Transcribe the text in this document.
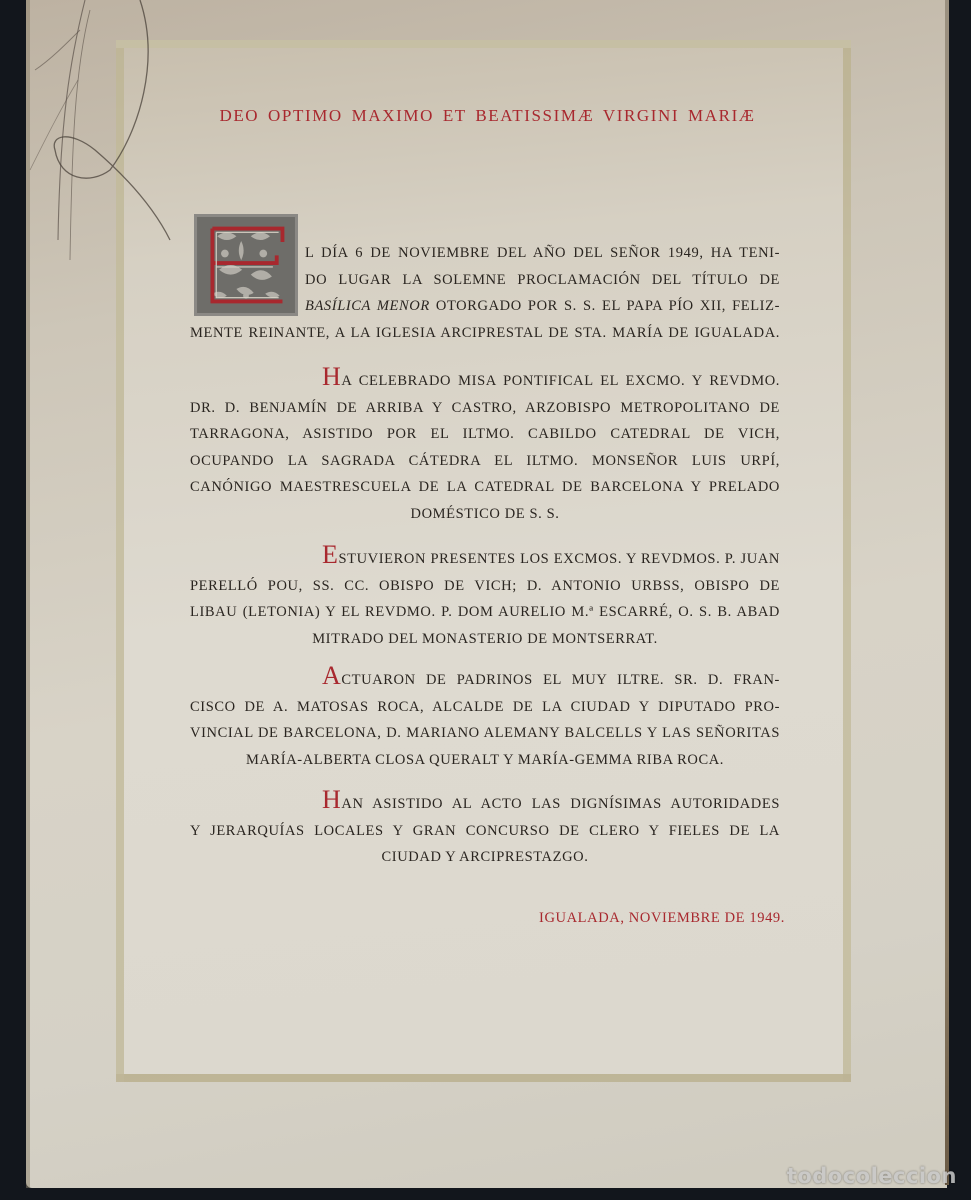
DEO OPTIMO MAXIMO ET BEATISSIMÆ VIRGINI MARIÆ
L DÍA 6 DE NOVIEMBRE DEL AÑO DEL SEÑOR 1949, HA TENI-
DO LUGAR LA SOLEMNE PROCLAMACIÓN DEL TÍTULO DE
BASÍLICA MENOR OTORGADO POR S. S. EL PAPA PÍO XII, FELIZ-
MENTE REINANTE, A LA IGLESIA ARCIPRESTAL DE STA. MARÍA DE IGUALADA.
HA CELEBRADO MISA PONTIFICAL EL EXCMO. Y REVDMO.
DR. D. BENJAMÍN DE ARRIBA Y CASTRO, ARZOBISPO METROPOLITANO DE
TARRAGONA, ASISTIDO POR EL ILTMO. CABILDO CATEDRAL DE VICH,
OCUPANDO LA SAGRADA CÁTEDRA EL ILTMO. MONSEÑOR LUIS URPÍ,
CANÓNIGO MAESTRESCUELA DE LA CATEDRAL DE BARCELONA Y PRELADO
DOMÉSTICO DE S. S.
ESTUVIERON PRESENTES LOS EXCMOS. Y REVDMOS. P. JUAN
PERELLÓ POU, SS. CC. OBISPO DE VICH; D. ANTONIO URBSS, OBISPO DE
LIBAU (LETONIA) Y EL REVDMO. P. DOM AURELIO M.ª ESCARRÉ, O. S. B. ABAD
MITRADO DEL MONASTERIO DE MONTSERRAT.
ACTUARON DE PADRINOS EL MUY ILTRE. SR. D. FRAN-
CISCO DE A. MATOSAS ROCA, ALCALDE DE LA CIUDAD Y DIPUTADO PRO-
VINCIAL DE BARCELONA, D. MARIANO ALEMANY BALCELLS Y LAS SEÑORITAS
MARÍA-ALBERTA CLOSA QUERALT Y MARÍA-GEMMA RIBA ROCA.
HAN ASISTIDO AL ACTO LAS DIGNÍSIMAS AUTORIDADES
Y JERARQUÍAS LOCALES Y GRAN CONCURSO DE CLERO Y FIELES DE LA
CIUDAD Y ARCIPRESTAZGO.
IGUALADA, NOVIEMBRE DE 1949.
todocoleccion
